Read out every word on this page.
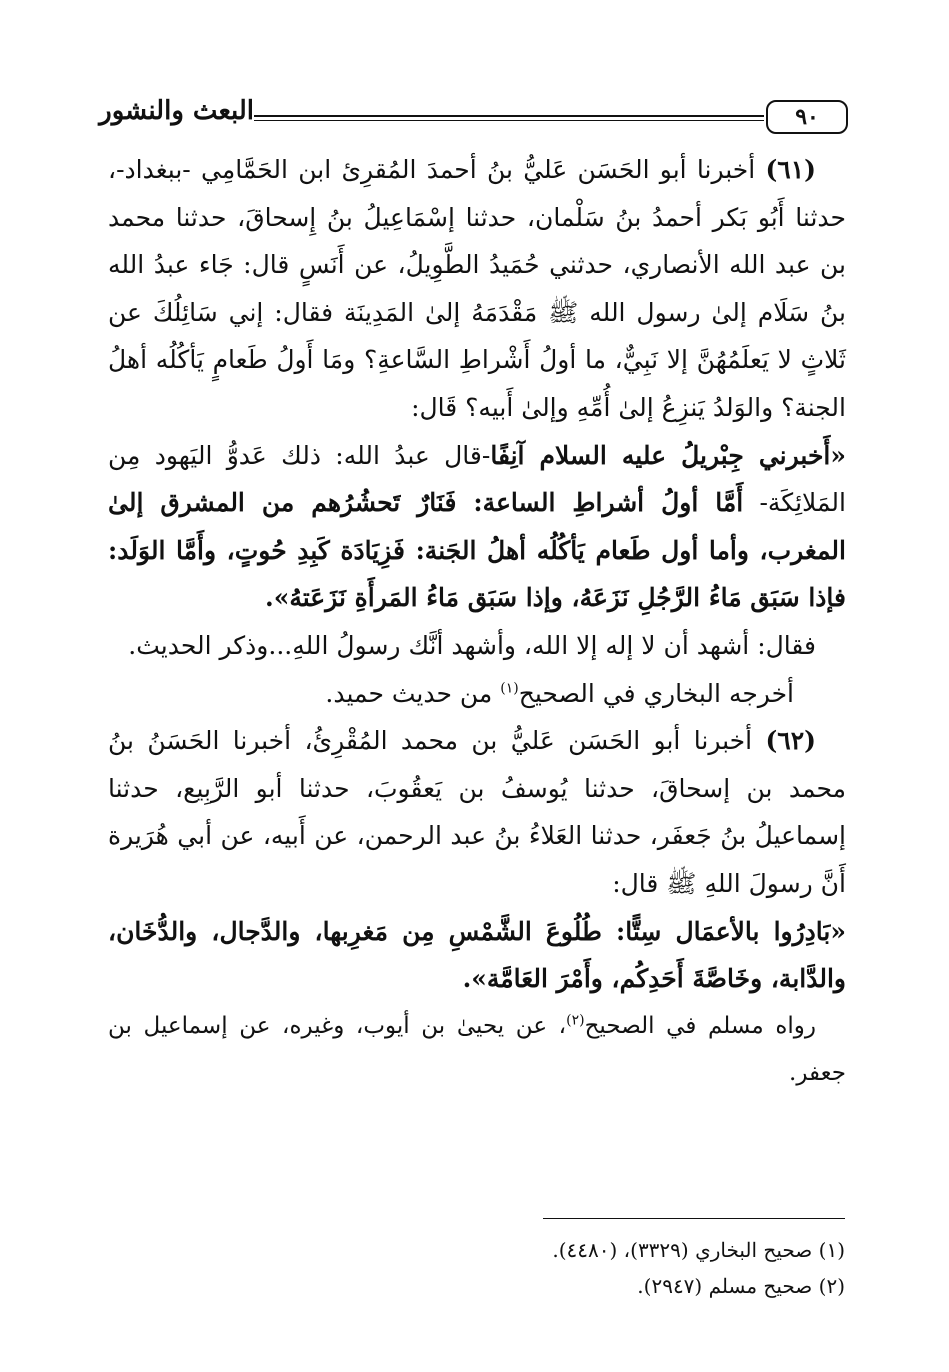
٩٠
البعث والنشور

(٦١) أخبرنا أبو الحَسَن عَليُّ بنُ أحمدَ المُقرِئ ابن الحَمَّامِي -ببغداد-، حدثنا أَبُو بَكر أحمدُ بنُ سَلْمان، حدثنا إسْمَاعِيلُ بنُ إِسحاقَ، حدثنا محمد بن عبد الله الأنصاري، حدثني حُمَيدُ الطَّوِيلُ، عن أَنَسٍ قال: جَاء عبدُ الله بنُ سَلَام إلىٰ رسول الله ﷺ مَقْدَمَهُ إلىٰ المَدِينَة فقال: إني سَائِلُكَ عن ثَلاثٍ لا يَعلَمُهُنَّ إلا نَبِيٌّ، ما أولُ أَشْراطِ السَّاعةِ؟ ومَا أَولُ طَعامٍ يَأكُلُه أهلُ الجنة؟ والوَلدُ يَنزِعُ إلىٰ أُمِّهِ وإلىٰ أَبيه؟ قَال:

«أَخبرني جِبْريلُ عليه السلام آنِفًا-قال عبدُ الله: ذلك عَدوُّ اليَهود مِن المَلائِكَة- أَمَّا أولُ أشراطِ الساعة: فَنَارٌ تَحشُرُهم من المشرق إلىٰ المغرب، وأما أول طَعام يَأكُلُه أهلُ الجَنة: فَزِيَادَة كَبِدِ حُوتٍ، وأَمَّا الوَلَد: فإذا سَبَق مَاءُ الرَّجُلِ نَزَعَهُ، وإذا سَبَق مَاءُ المَرأَةِ نَزَعَتهُ».

فقال: أشهد أن لا إله إلا الله، وأشهد أنَّك رسولُ اللهِ...وذكر الحديث.

أخرجه البخاري في الصحيح$^{(١)}$ من حديث حميد.

(٦٢) أخبرنا أبو الحَسَن عَليُّ بن محمد المُقْرِئُ، أخبرنا الحَسَنُ بنُ محمد بن إسحاقَ، حدثنا يُوسفُ بن يَعقُوبَ، حدثنا أبو الرَّبِيع، حدثنا إسماعيلُ بنُ جَعفَر، حدثنا العَلاءُ بنُ عبد الرحمن، عن أَبيه، عن أبي هُرَيرة أَنَّ رسولَ اللهِ ﷺ قال:

«بَادِرُوا بالأعمَال سِتًّا: طُلُوعَ الشَّمْسِ مِن مَغرِبها، والدَّجال، والدُّخَان، والدَّابة، وخَاصَّةَ أَحَدِكُم، وأَمْرَ العَامَّة».

رواه مسلم في الصحيح$^{(٢)}$، عن يحيىٰ بن أيوب، وغيره، عن إسماعيل بن جعفر.

(١) صحيح البخاري (٣٣٢٩)، (٤٤٨٠).

(٢) صحيح مسلم (٢٩٤٧).
